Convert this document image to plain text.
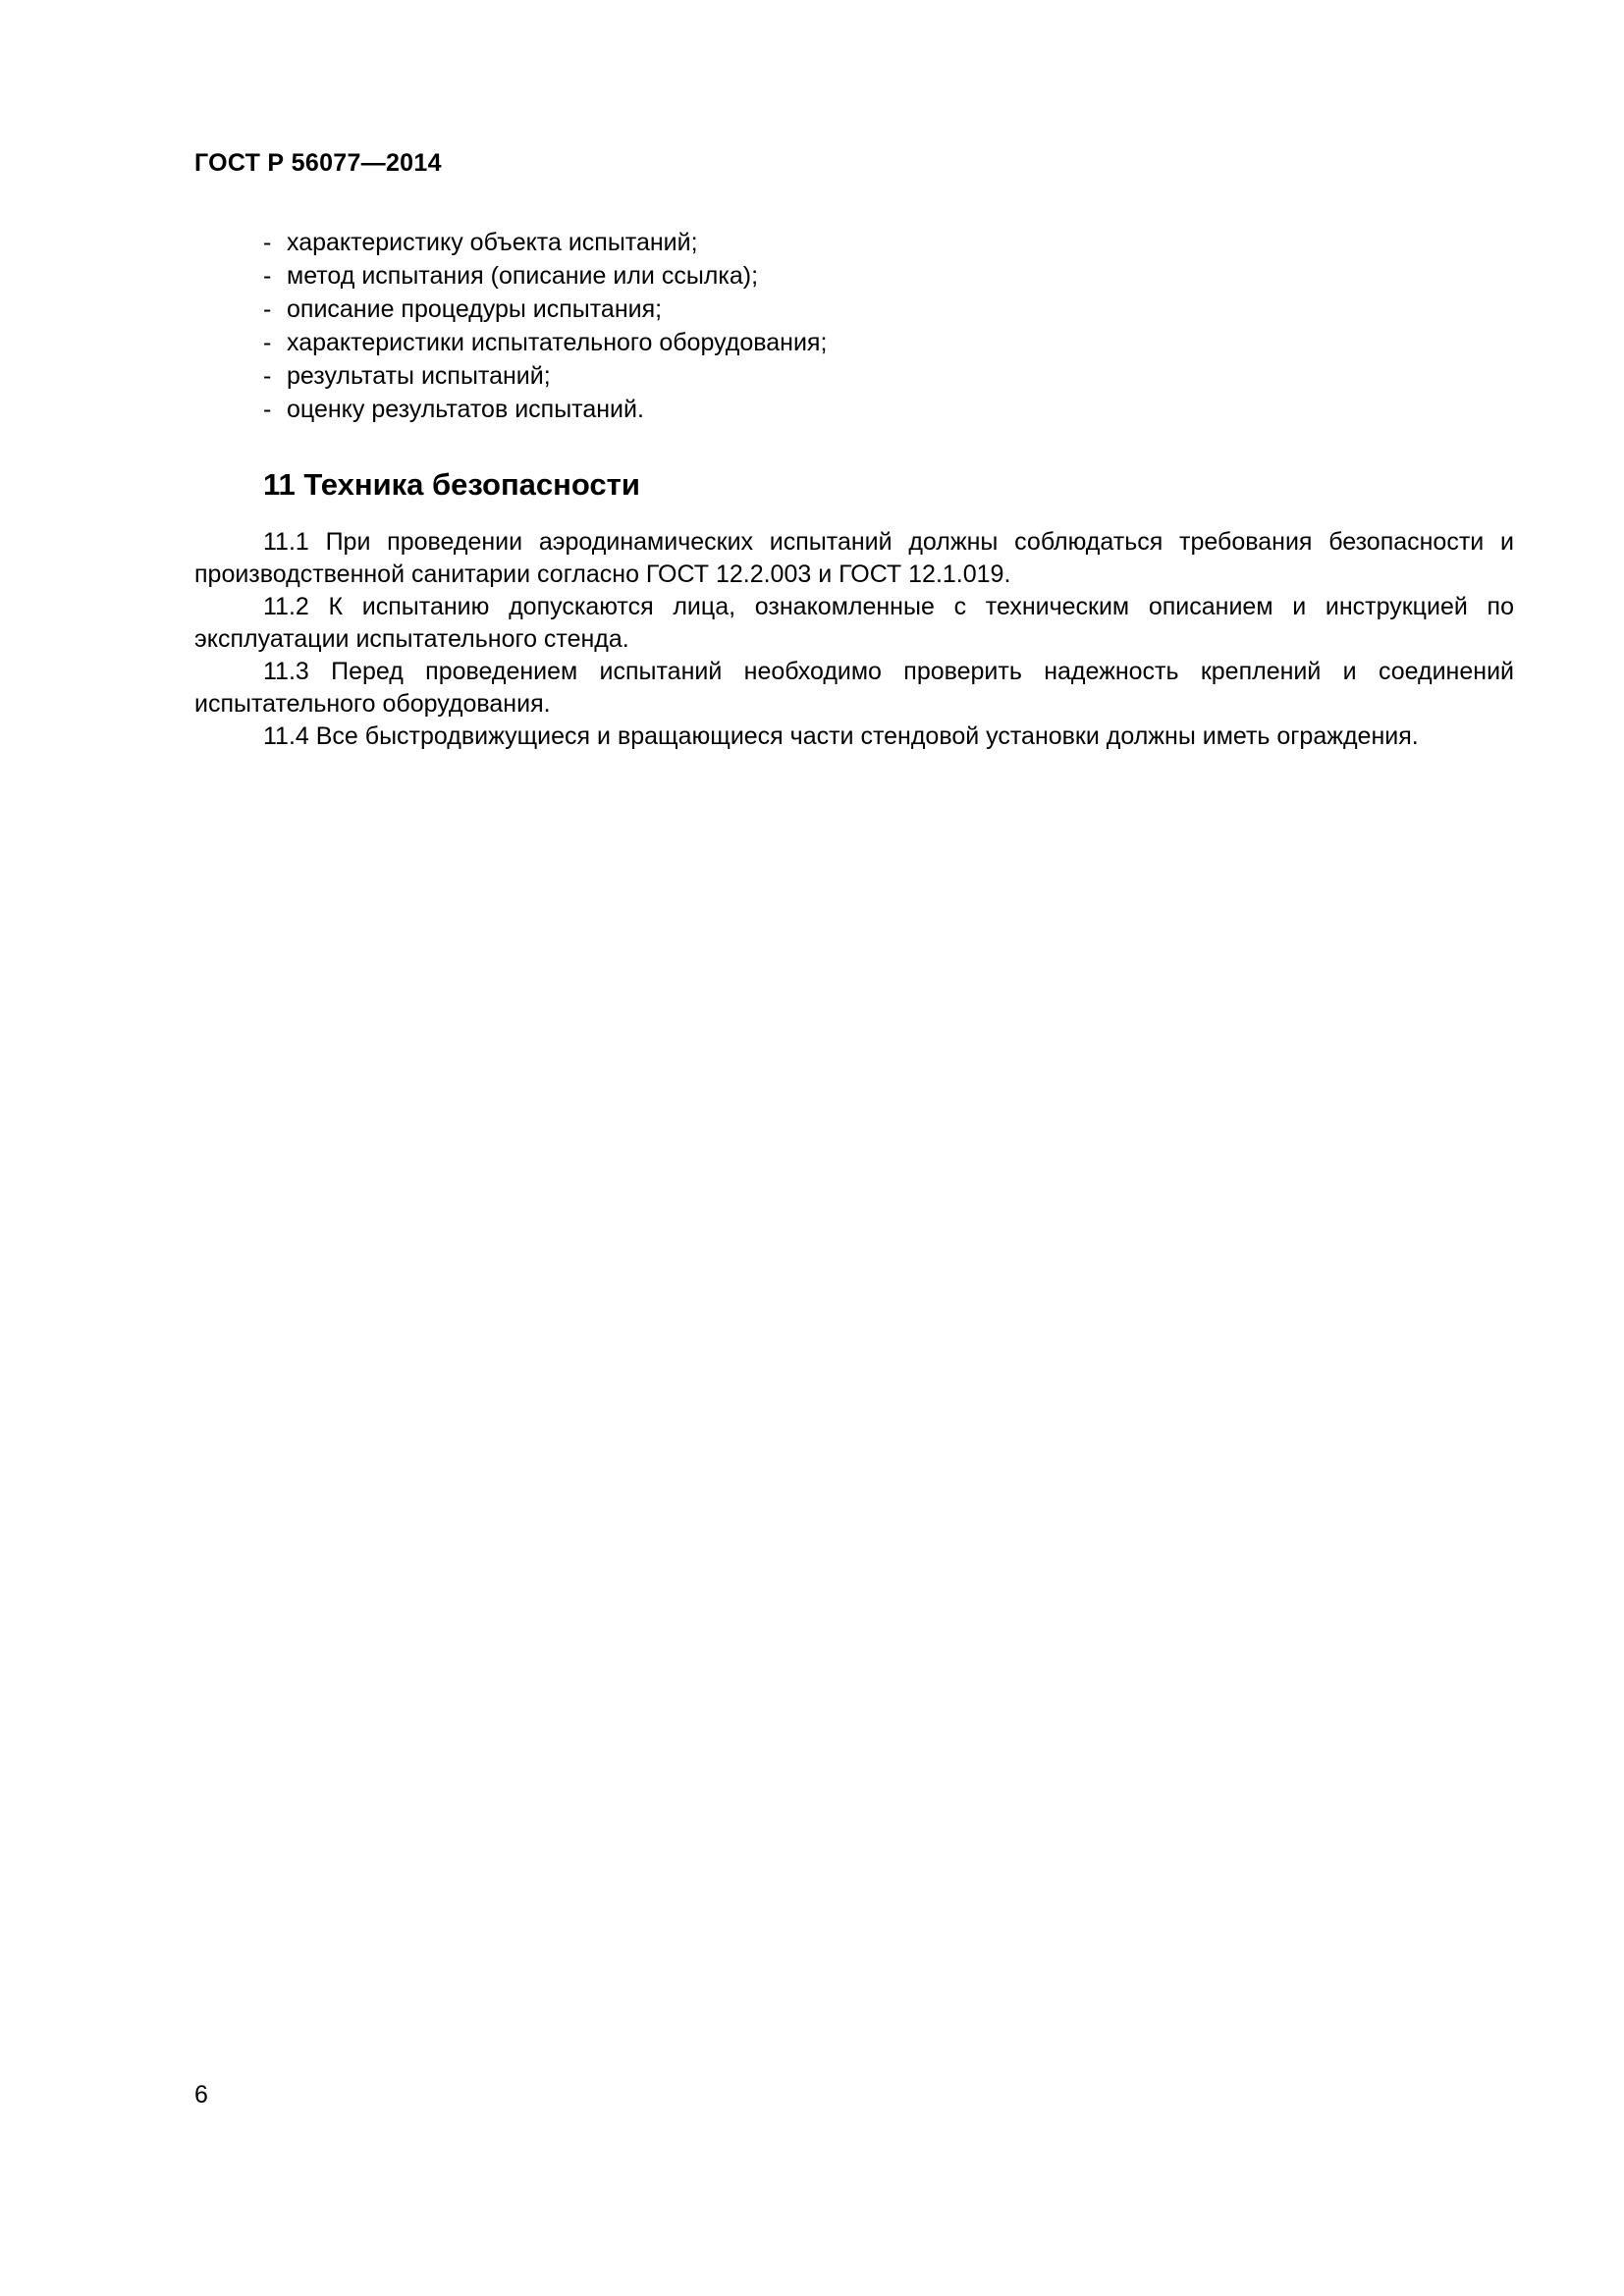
ГОСТ Р 56077—2014
- характеристику объекта испытаний;
- метод испытания (описание или ссылка);
- описание процедуры испытания;
- характеристики испытательного оборудования;
- результаты испытаний;
- оценку результатов испытаний.
11 Техника безопасности

11.1 При проведении аэродинамических испытаний должны соблюдаться требования безопасности и производственной санитарии согласно ГОСТ 12.2.003 и ГОСТ 12.1.019.

11.2 К испытанию допускаются лица, ознакомленные с техническим описанием и инструкцией по эксплуатации испытательного стенда.

11.3 Перед проведением испытаний необходимо проверить надежность креплений и соединений испытательного оборудования.

11.4 Все быстродвижущиеся и вращающиеся части стендовой установки должны иметь ограждения.

6
